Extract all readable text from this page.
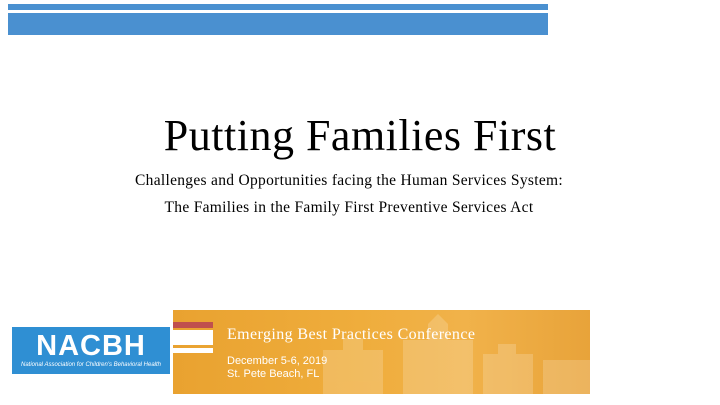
Putting Families First
Challenges and Opportunities facing the Human Services System:
The Families in the Family First Preventive Services Act
NACBH
National Association for Children's Behavioral Health
Emerging Best Practices Conference
December 5-6, 2019
St. Pete Beach, FL
